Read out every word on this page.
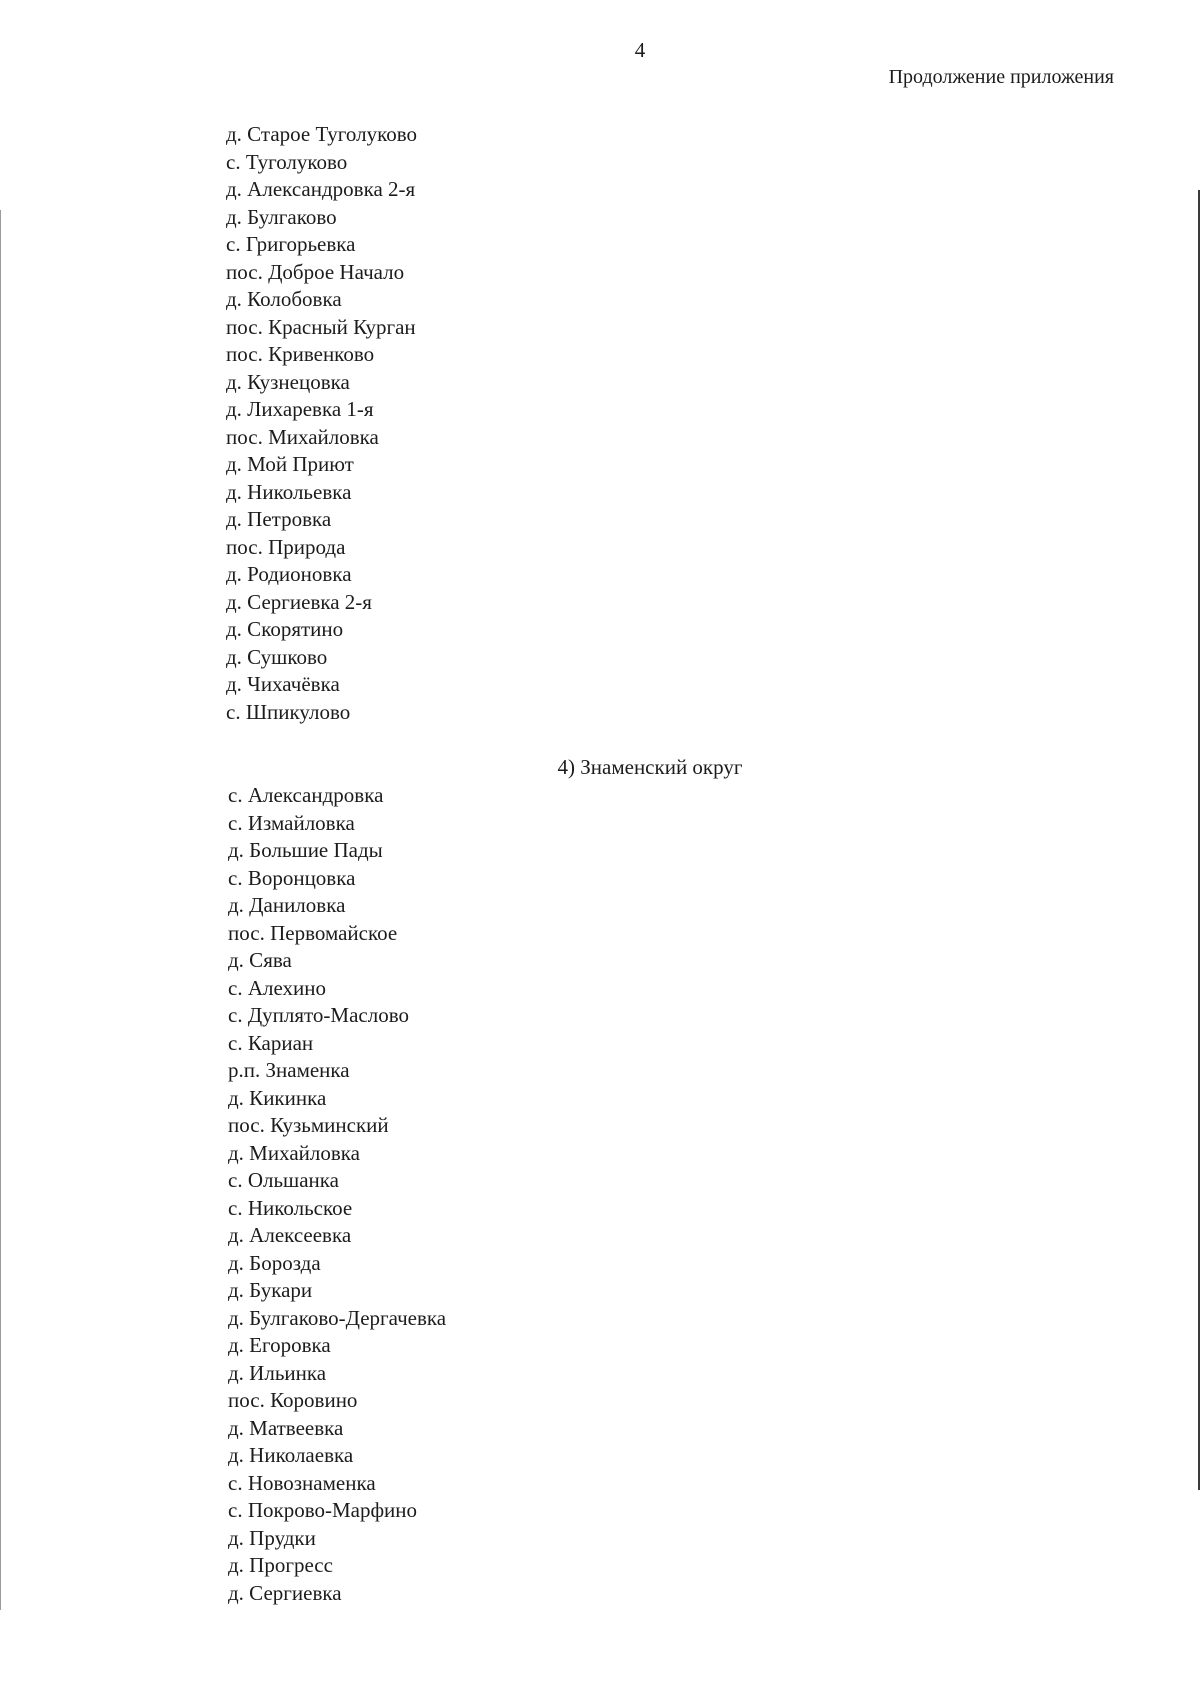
4
Продолжение приложения
д. Старое Туголуково
с. Туголуково
д. Александровка 2-я
д. Булгаково
с. Григорьевка
пос. Доброе Начало
д. Колобовка
пос. Красный Курган
пос. Кривенково
д. Кузнецовка
д. Лихаревка 1-я
пос. Михайловка
д. Мой Приют
д. Никольевка
д. Петровка
пос. Природа
д. Родионовка
д. Сергиевка 2-я
д. Скорятино
д. Сушково
д. Чихачёвка
с. Шпикулово
4) Знаменский округ
с. Александровка
с. Измайловка
д. Большие Пады
с. Воронцовка
д. Даниловка
пос. Первомайское
д. Сява
с. Алехино
с. Дуплято-Маслово
с. Кариан
р.п. Знаменка
д. Кикинка
пос. Кузьминский
д. Михайловка
с. Ольшанка
с. Никольское
д. Алексеевка
д. Борозда
д. Букари
д. Булгаково-Дергачевка
д. Егоровка
д. Ильинка
пос. Коровино
д. Матвеевка
д. Николаевка
с. Новознаменка
с. Покрово-Марфино
д. Прудки
д. Прогресс
д. Сергиевка
